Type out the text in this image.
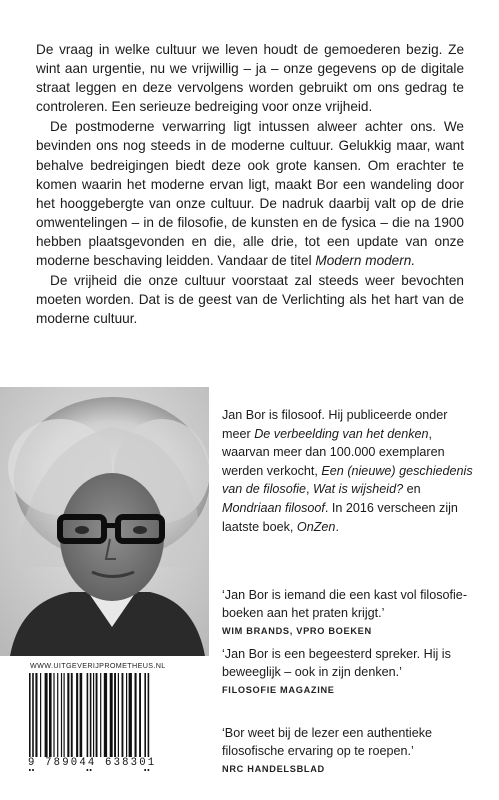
De vraag in welke cultuur we leven houdt de gemoederen bezig. Ze wint aan urgentie, nu we vrijwillig – ja – onze gegevens op de digitale straat leggen en deze vervolgens worden gebruikt om ons gedrag te controleren. Een serieuze bedreiging voor onze vrijheid.

De postmoderne verwarring ligt intussen alweer achter ons. We bevinden ons nog steeds in de moderne cultuur. Gelukkig maar, want behalve bedreigingen biedt deze ook grote kansen. Om erachter te komen waarin het moderne ervan ligt, maakt Bor een wandeling door het hooggebergte van onze cultuur. De nadruk daarbij valt op de drie omwentelingen – in de filosofie, de kunsten en de fysica – die na 1900 hebben plaatsgevonden en die, alle drie, tot een update van onze moderne beschaving leidden. Vandaar de titel Modern modern.

De vrijheid die onze cultuur voorstaat zal steeds weer bevochten moeten worden. Dat is de geest van de Verlichting als het hart van de moderne cultuur.

Jan Bor is filosoof. Hij publiceerde onder meer De verbeelding van het denken, waarvan meer dan 100.000 exemplaren werden verkocht, Een (nieuwe) geschiedenis van de filosofie, Wat is wijsheid? en Mondriaan filosoof. In 2016 verscheen zijn laatste boek, OnZen.
‘Jan Bor is iemand die een kast vol filosofieboeken aan het praten krijgt.’
WIM BRANDS, VPRO BOEKEN
‘Jan Bor is een begeesterd spreker. Hij is beweeglijk – ook in zijn denken.’
FILOSOFIE MAGAZINE
‘Bor weet bij de lezer een authentieke filosofische ervaring op te roepen.’
NRC HANDELSBLAD
WWW.UITGEVERIJPROMETHEUS.NL
9 789044 638301
